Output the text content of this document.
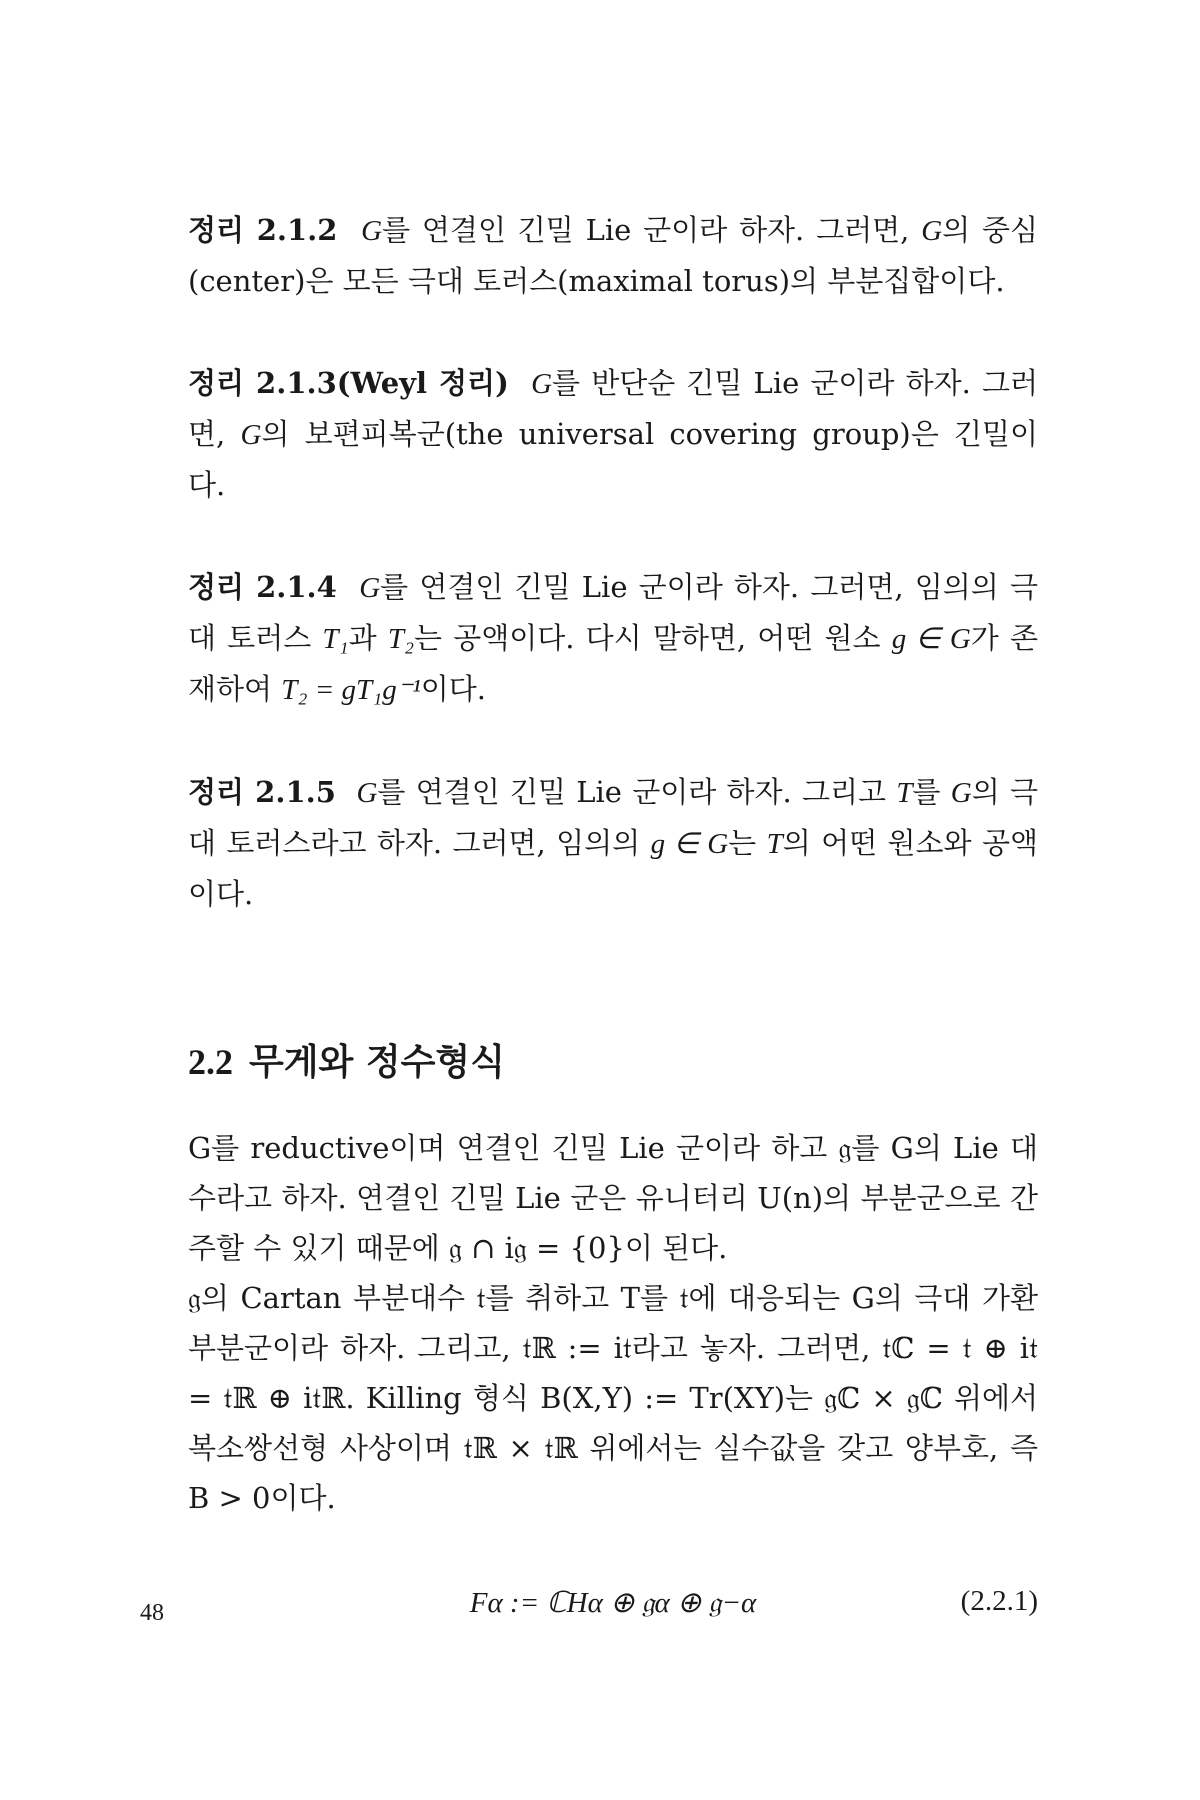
정리 2.1.2 G를 연결인 긴밀 Lie 군이라 하자. 그러면, G의 중심(center)은 모든 극대 토러스(maximal torus)의 부분집합이다.

정리 2.1.3(Weyl 정리) G를 반단순 긴밀 Lie 군이라 하자. 그러면, G의 보편피복군(the universal covering group)은 긴밀이다.

정리 2.1.4 G를 연결인 긴밀 Lie 군이라 하자. 그러면, 임의의 극대 토러스 T₁과 T₂는 공액이다. 다시 말하면, 어떤 원소 g ∈ G가 존재하여 T₂ = gT₁g⁻¹이다.

정리 2.1.5 G를 연결인 긴밀 Lie 군이라 하자. 그리고 T를 G의 극대 토러스라고 하자. 그러면, 임의의 g ∈ G는 T의 어떤 원소와 공액이다.

2.2 무게와 정수형식

G를 reductive이며 연결인 긴밀 Lie 군이라 하고 𝔤를 G의 Lie 대수라고 하자. 연결인 긴밀 Lie 군은 유니터리 U(n)의 부분군으로 간주할 수 있기 때문에 𝔤 ∩ i𝔤 = {0}이 된다.

𝔤의 Cartan 부분대수 𝔱를 취하고 T를 𝔱에 대응되는 G의 극대 가환부분군이라 하자. 그리고, 𝔱ℝ := i𝔱라고 놓자. 그러면, 𝔱ℂ = 𝔱 ⊕ i𝔱 = 𝔱ℝ ⊕ i𝔱ℝ. Killing 형식 B(X,Y) := Tr(XY)는 𝔤ℂ × 𝔤ℂ 위에서 복소쌍선형 사상이며 𝔱ℝ × 𝔱ℝ 위에서는 실수값을 갖고 양부호, 즉 B > 0이다.

Fα := ℂHα ⊕ 𝔤α ⊕ 𝔤−α	(2.2.1)
48
